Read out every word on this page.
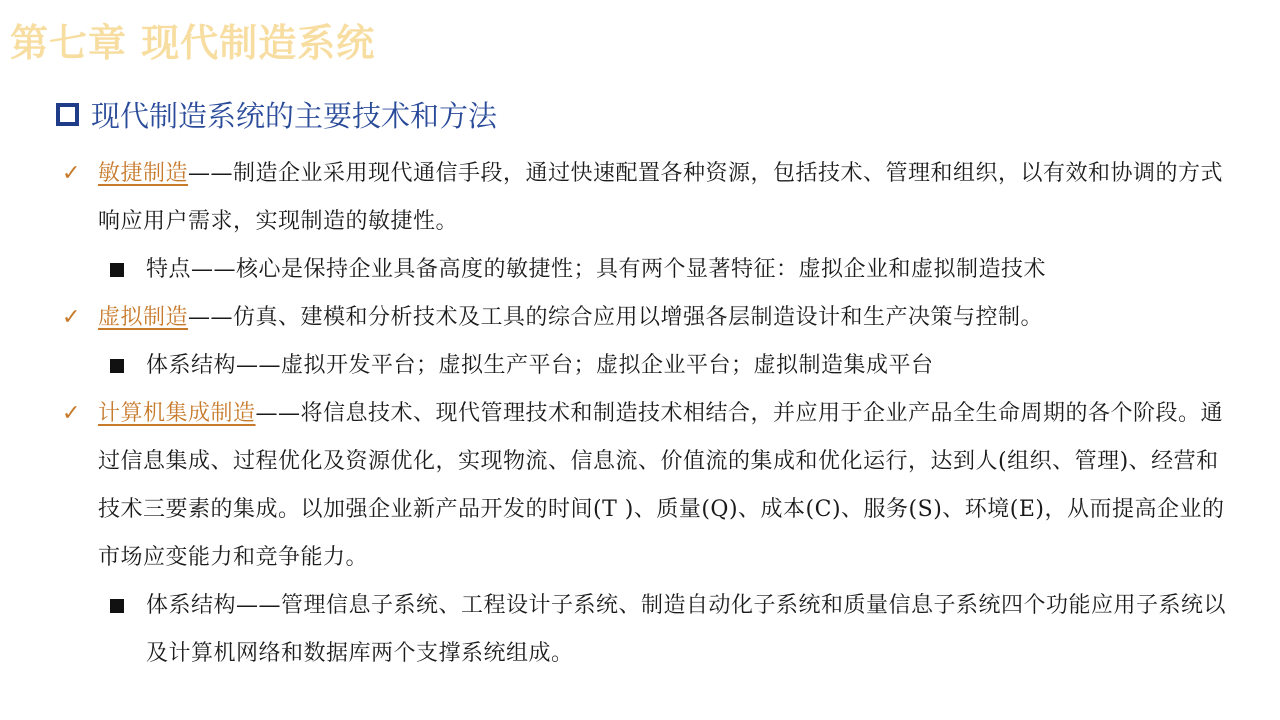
第七章 现代制造系统
现代制造系统的主要技术和方法
✓ 敏捷制造——制造企业采用现代通信手段，通过快速配置各种资源，包括技术、管理和组织，以有效和协调的方式响应用户需求，实现制造的敏捷性。
特点——核心是保持企业具备高度的敏捷性；具有两个显著特征：虚拟企业和虚拟制造技术
✓ 虚拟制造——仿真、建模和分析技术及工具的综合应用以增强各层制造设计和生产决策与控制。
体系结构——虚拟开发平台；虚拟生产平台；虚拟企业平台；虚拟制造集成平台
✓ 计算机集成制造——将信息技术、现代管理技术和制造技术相结合，并应用于企业产品全生命周期的各个阶段。通过信息集成、过程优化及资源优化，实现物流、信息流、价值流的集成和优化运行，达到人(组织、管理)、经营和技术三要素的集成。以加强企业新产品开发的时间(T )、质量(Q)、成本(C)、服务(S)、环境(E)，从而提高企业的市场应变能力和竞争能力。
体系结构——管理信息子系统、工程设计子系统、制造自动化子系统和质量信息子系统四个功能应用子系统以及计算机网络和数据库两个支撑系统组成。
